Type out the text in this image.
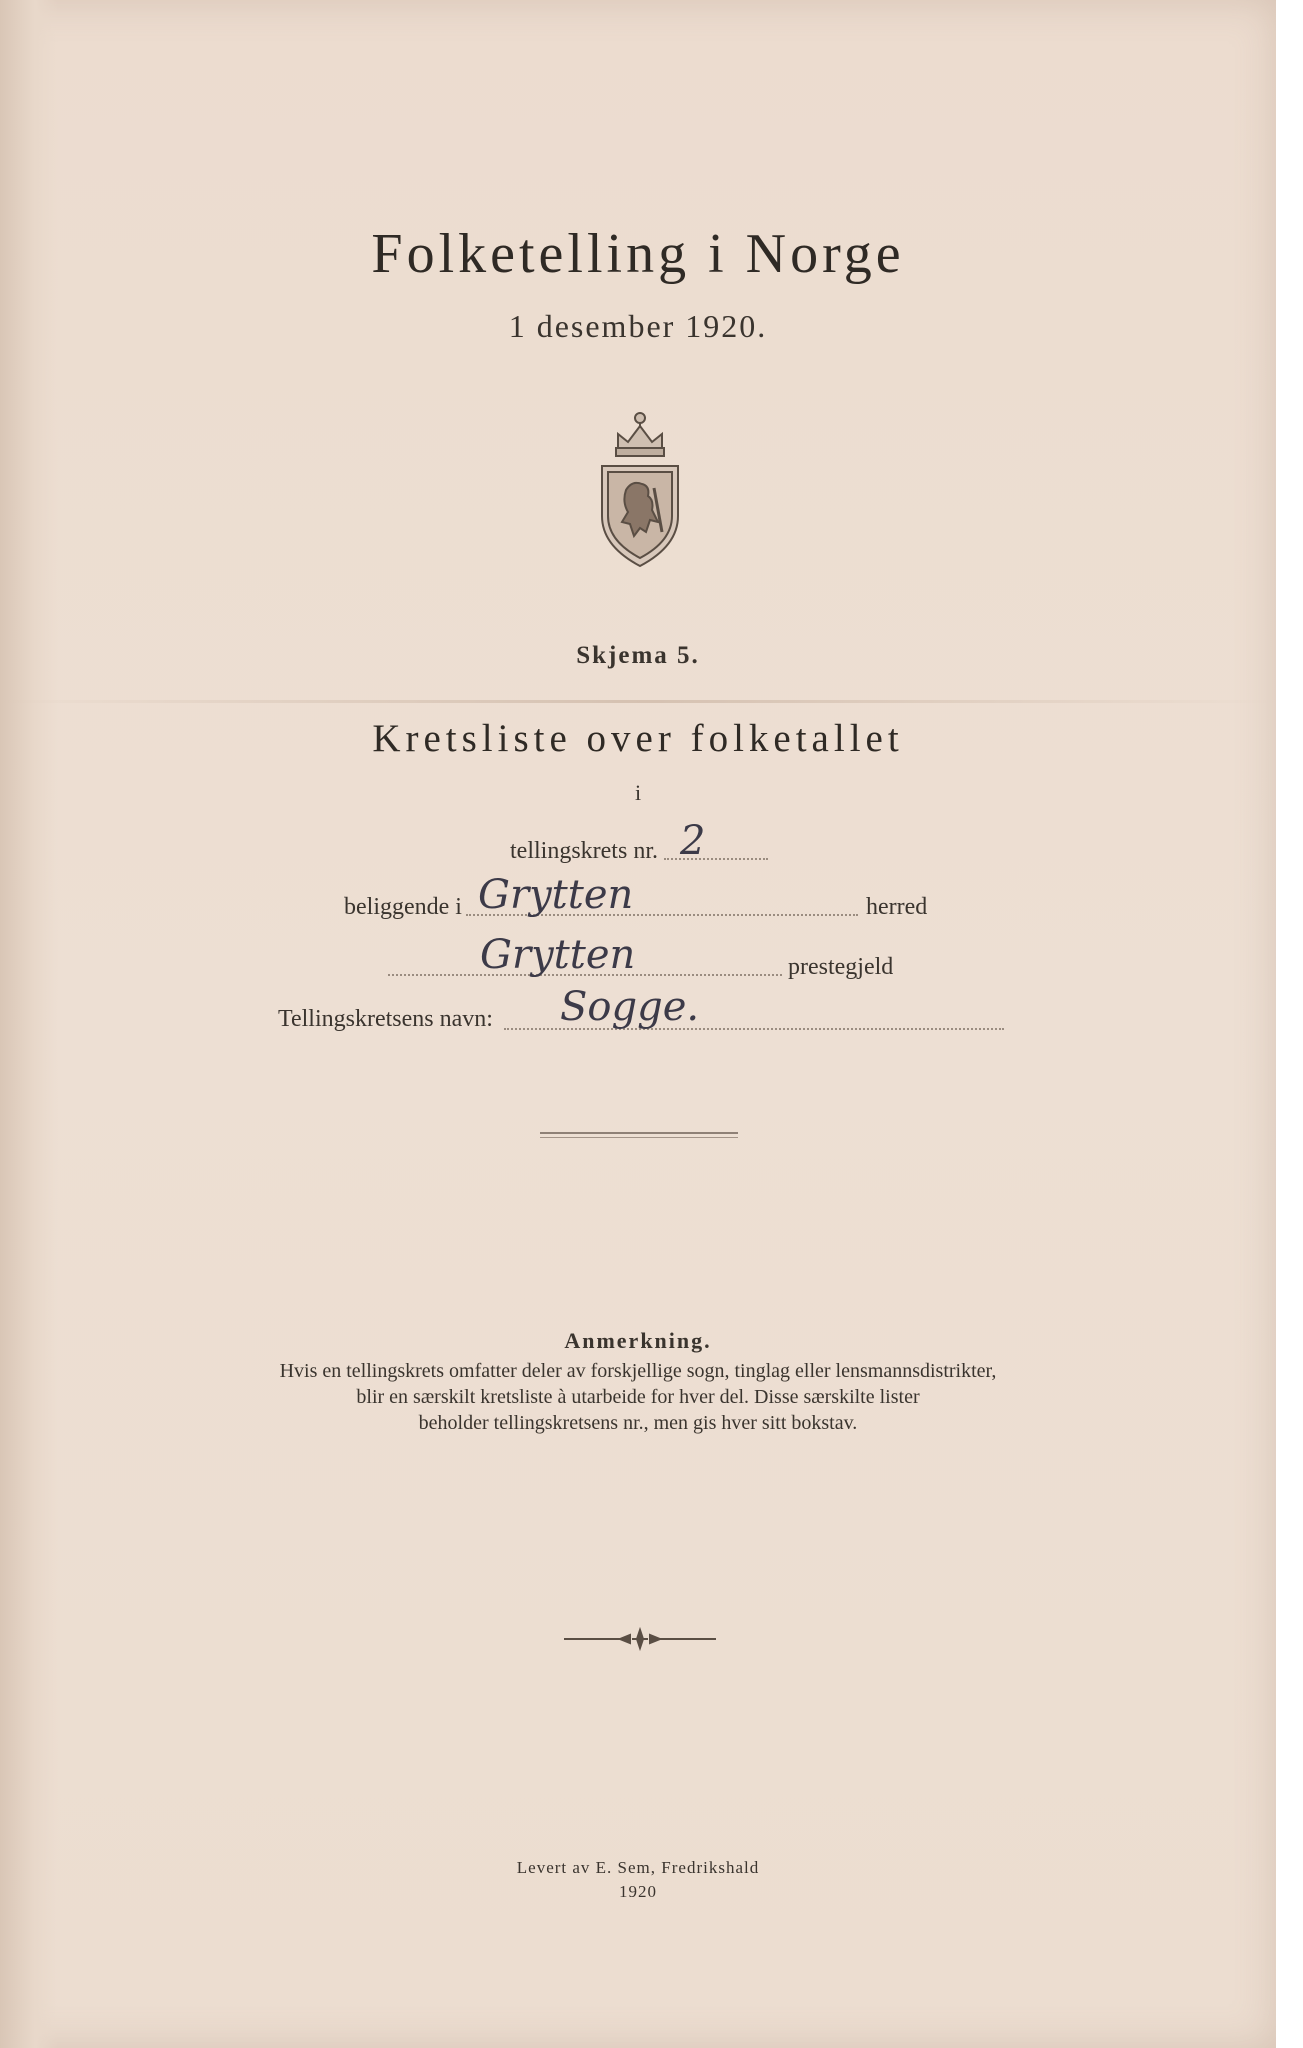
Folketelling i Norge
1 desember 1920.
Skjema 5.
Kretsliste over folketallet
i
tellingskrets nr. 2
beliggende i Grytten	herred
Grytten	prestegjeld
Tellingskretsens navn: Sogge.
Anmerkning.
Hvis en tellingskrets omfatter deler av forskjellige sogn, tinglag eller lensmannsdistrikter,
blir en særskilt kretsliste à utarbeide for hver del. Disse særskilte lister
beholder tellingskretsens nr., men gis hver sitt bokstav.
Levert av E. Sem, Fredrikshald
1920
